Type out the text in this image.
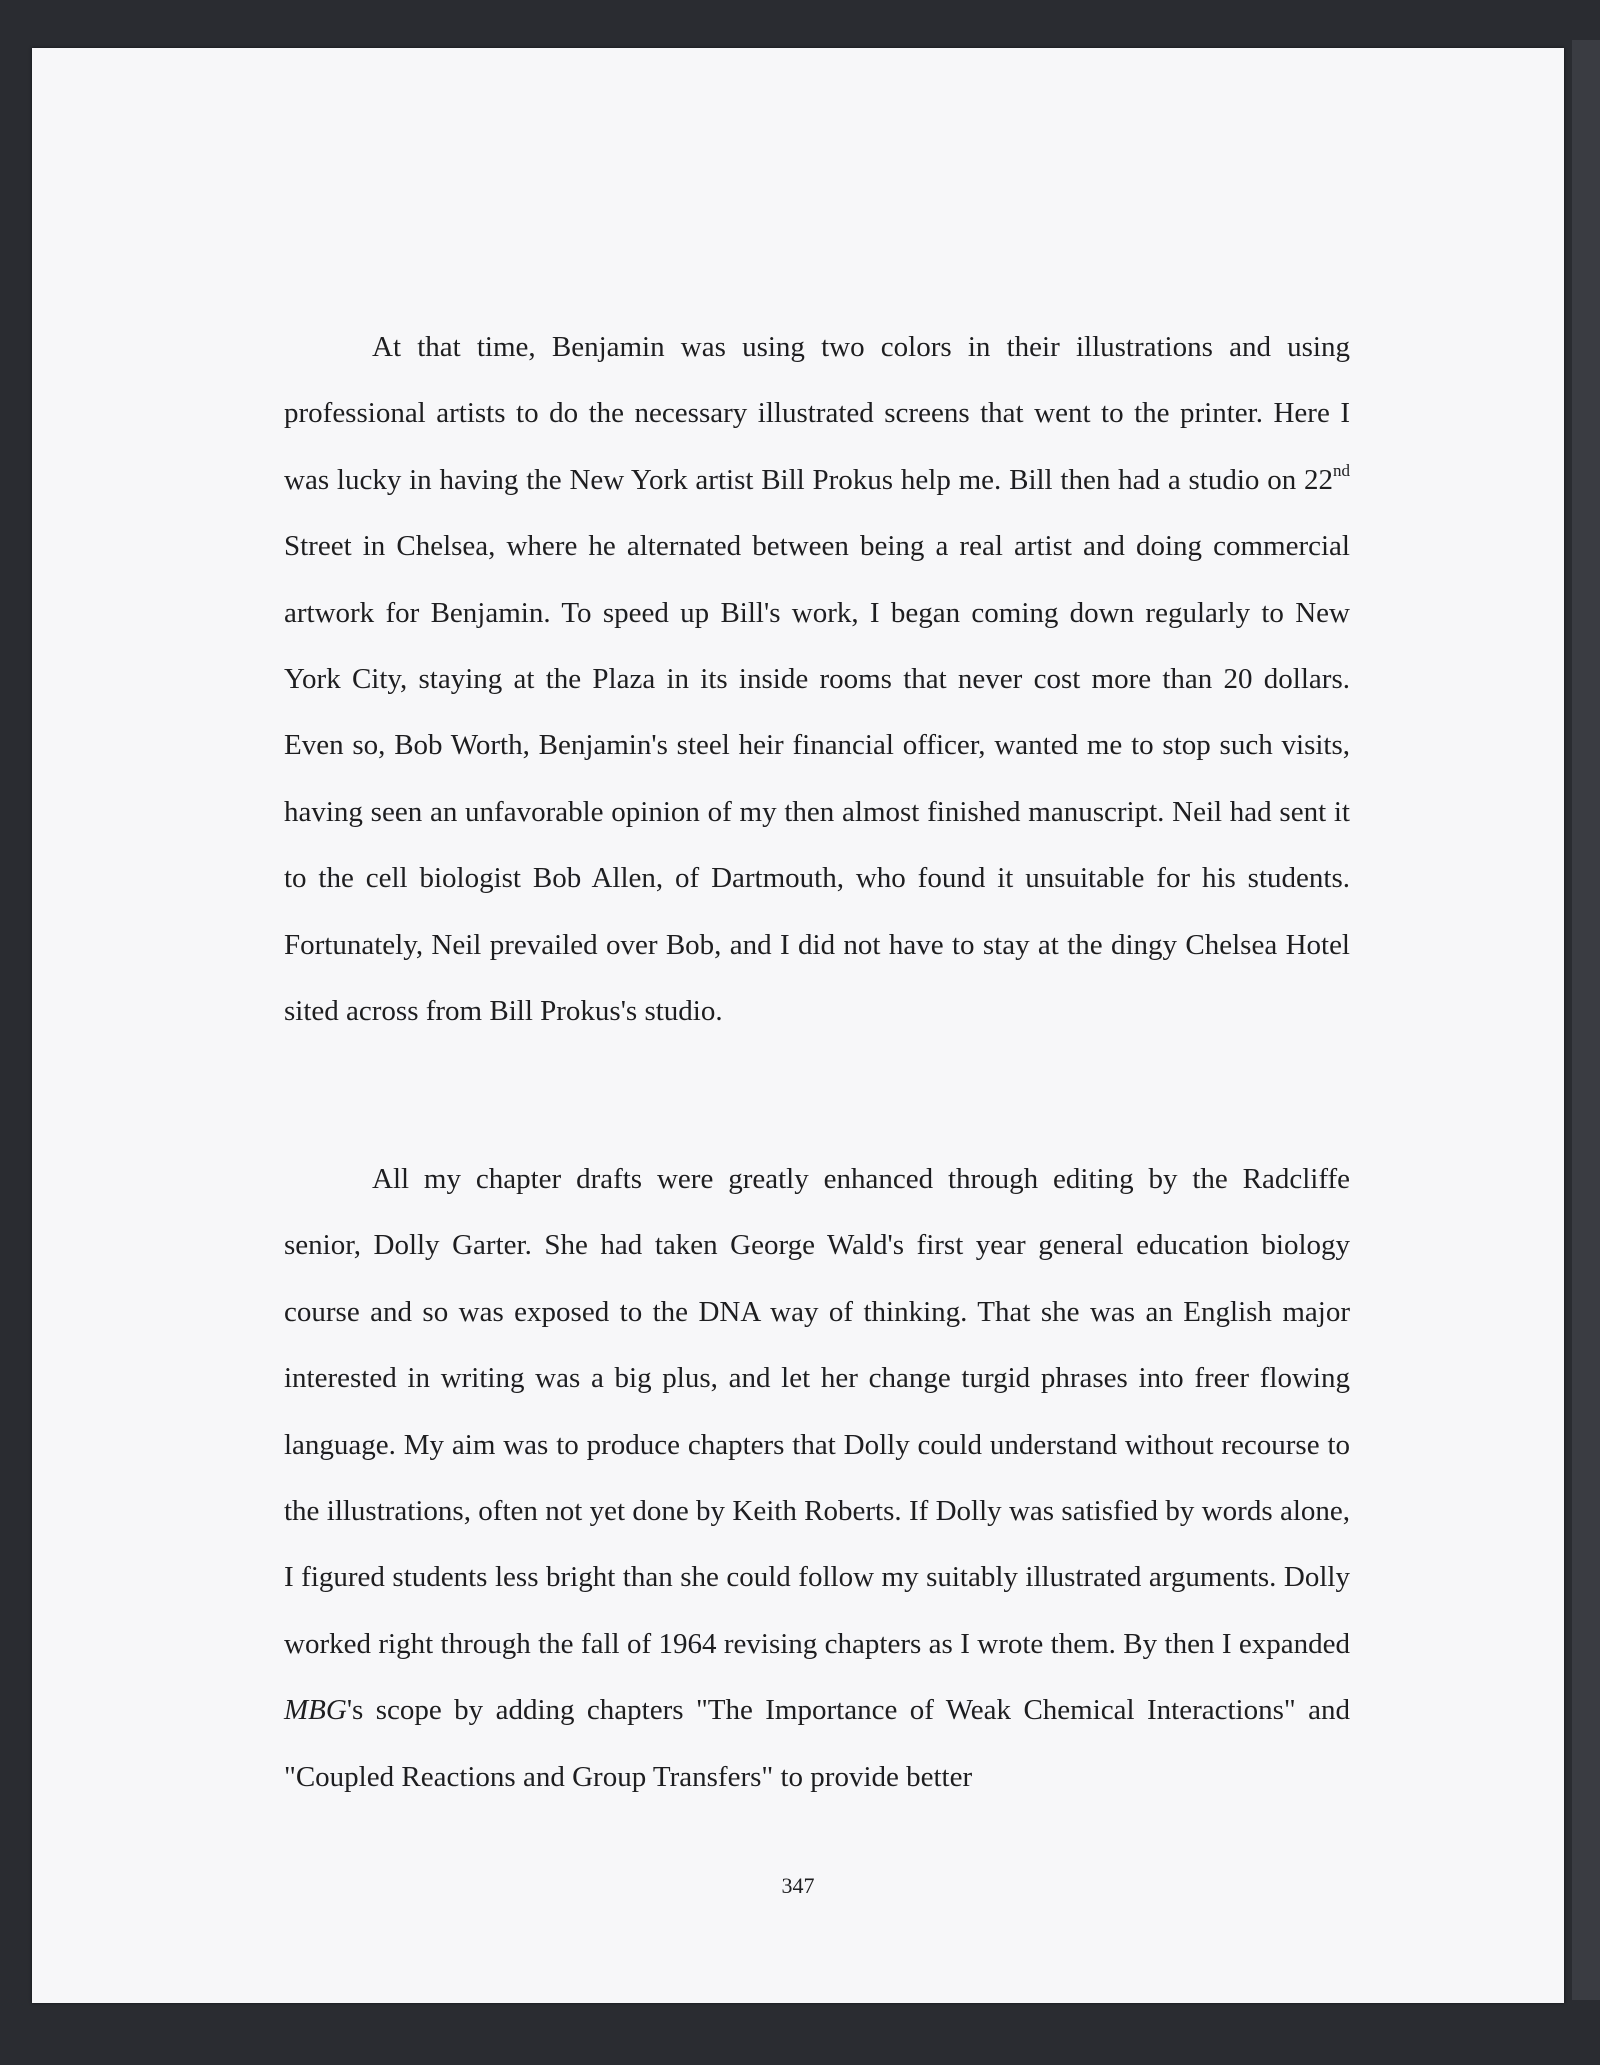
At that time, Benjamin was using two colors in their illustrations and using professional artists to do the necessary illustrated screens that went to the printer. Here I was lucky in having the New York artist Bill Prokus help me. Bill then had a studio on 22nd Street in Chelsea, where he alternated between being a real artist and doing commercial artwork for Benjamin. To speed up Bill's work, I began coming down regularly to New York City, staying at the Plaza in its inside rooms that never cost more than 20 dollars. Even so, Bob Worth, Benjamin's steel heir financial officer, wanted me to stop such visits, having seen an unfavorable opinion of my then almost finished manuscript. Neil had sent it to the cell biologist Bob Allen, of Dartmouth, who found it unsuitable for his students. Fortunately, Neil prevailed over Bob, and I did not have to stay at the dingy Chelsea Hotel sited across from Bill Prokus's studio.

All my chapter drafts were greatly enhanced through editing by the Radcliffe senior, Dolly Garter. She had taken George Wald's first year general education biology course and so was exposed to the DNA way of thinking. That she was an English major interested in writing was a big plus, and let her change turgid phrases into freer flowing language. My aim was to produce chapters that Dolly could understand without recourse to the illustrations, often not yet done by Keith Roberts. If Dolly was satisfied by words alone, I figured students less bright than she could follow my suitably illustrated arguments. Dolly worked right through the fall of 1964 revising chapters as I wrote them. By then I expanded MBG's scope by adding chapters "The Importance of Weak Chemical Interactions" and "Coupled Reactions and Group Transfers" to provide better

347
